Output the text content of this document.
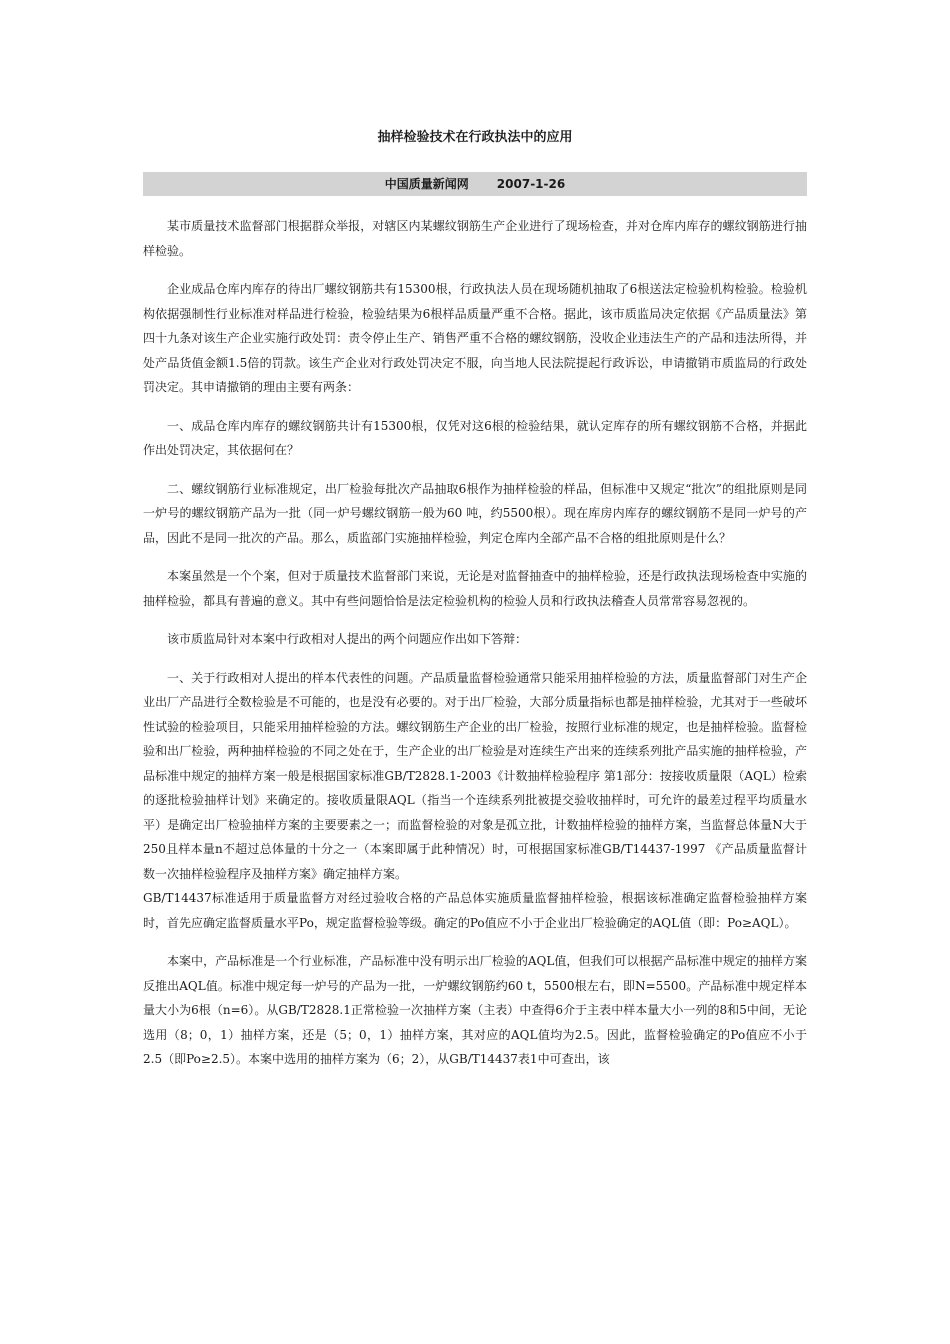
抽样检验技术在行政执法中的应用
中国质量新闻网 2007-1-26

某市质量技术监督部门根据群众举报，对辖区内某螺纹钢筋生产企业进行了现场检查，并对仓库内库存的螺纹钢筋进行抽样检验。

企业成品仓库内库存的待出厂螺纹钢筋共有15300根，行政执法人员在现场随机抽取了6根送法定检验机构检验。检验机构依据强制性行业标准对样品进行检验，检验结果为6根样品质量严重不合格。据此，该市质监局决定依据《产品质量法》第四十九条对该生产企业实施行政处罚：责令停止生产、销售严重不合格的螺纹钢筋，没收企业违法生产的产品和违法所得，并处产品货值金额1.5倍的罚款。该生产企业对行政处罚决定不服，向当地人民法院提起行政诉讼，申请撤销市质监局的行政处罚决定。其申请撤销的理由主要有两条：

一、成品仓库内库存的螺纹钢筋共计有15300根，仅凭对这6根的检验结果，就认定库存的所有螺纹钢筋不合格，并据此作出处罚决定，其依据何在？

二、螺纹钢筋行业标准规定，出厂检验每批次产品抽取6根作为抽样检验的样品，但标准中又规定“批次”的组批原则是同一炉号的螺纹钢筋产品为一批（同一炉号螺纹钢筋一般为60 吨，约5500根）。现在库房内库存的螺纹钢筋不是同一炉号的产品，因此不是同一批次的产品。那么，质监部门实施抽样检验，判定仓库内全部产品不合格的组批原则是什么？

本案虽然是一个个案，但对于质量技术监督部门来说，无论是对监督抽查中的抽样检验，还是行政执法现场检查中实施的抽样检验，都具有普遍的意义。其中有些问题恰恰是法定检验机构的检验人员和行政执法稽查人员常常容易忽视的。

该市质监局针对本案中行政相对人提出的两个问题应作出如下答辩：

一、关于行政相对人提出的样本代表性的问题。产品质量监督检验通常只能采用抽样检验的方法，质量监督部门对生产企业出厂产品进行全数检验是不可能的，也是没有必要的。对于出厂检验，大部分质量指标也都是抽样检验，尤其对于一些破坏性试验的检验项目，只能采用抽样检验的方法。螺纹钢筋生产企业的出厂检验，按照行业标准的规定，也是抽样检验。监督检验和出厂检验，两种抽样检验的不同之处在于，生产企业的出厂检验是对连续生产出来的连续系列批产品实施的抽样检验，产品标准中规定的抽样方案一般是根据国家标准GB/T2828.1-2003《计数抽样检验程序 第1部分：按接收质量限（AQL）检索的逐批检验抽样计划》来确定的。接收质量限AQL（指当一个连续系列批被提交验收抽样时，可允许的最差过程平均质量水平）是确定出厂检验抽样方案的主要要素之一；而监督检验的对象是孤立批，计数抽样检验的抽样方案，当监督总体量N大于250且样本量n不超过总体量的十分之一（本案即属于此种情况）时，可根据国家标准GB/T14437-1997 《产品质量监督计数一次抽样检验程序及抽样方案》确定抽样方案。

GB/T14437标准适用于质量监督方对经过验收合格的产品总体实施质量监督抽样检验，根据该标准确定监督检验抽样方案时，首先应确定监督质量水平Po，规定监督检验等级。确定的Po值应不小于企业出厂检验确定的AQL值（即：Po≥AQL）。

本案中，产品标准是一个行业标准，产品标准中没有明示出厂检验的AQL值，但我们可以根据产品标准中规定的抽样方案反推出AQL值。标准中规定每一炉号的产品为一批，一炉螺纹钢筋约60 t，5500根左右，即N=5500。产品标准中规定样本量大小为6根（n=6）。从GB/T2828.1正常检验一次抽样方案（主表）中查得6介于主表中样本量大小一列的8和5中间，无论选用（8；0，1）抽样方案，还是（5；0，1）抽样方案，其对应的AQL值均为2.5。因此，监督检验确定的Po值应不小于2.5（即Po≥2.5）。本案中选用的抽样方案为（6；2），从GB/T14437表1中可查出，该
